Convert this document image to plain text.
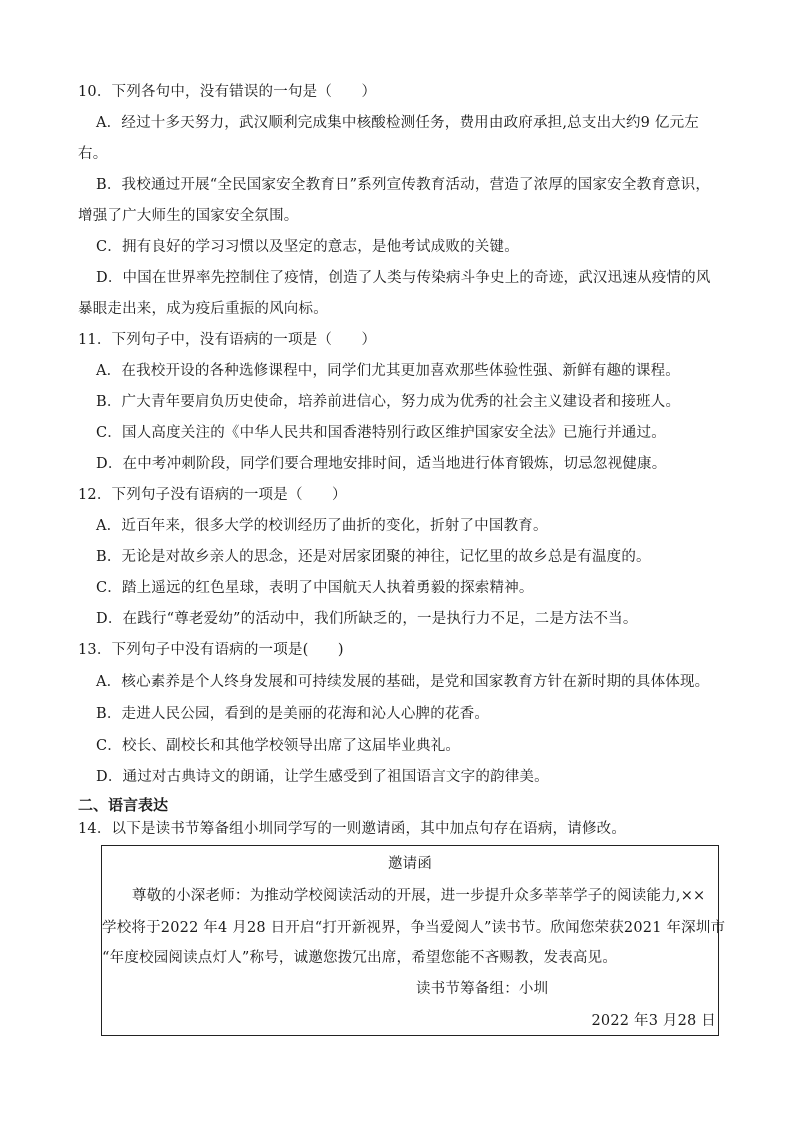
10．下列各句中，没有错误的一句是（　　）
A．经过十多天努力，武汉顺利完成集中核酸检测任务，费用由政府承担,总支出大约9 亿元左
右。
B．我校通过开展“全民国家安全教育日”系列宣传教育活动，营造了浓厚的国家安全教育意识，
增强了广大师生的国家安全氛围。
C．拥有良好的学习习惯以及坚定的意志，是他考试成败的关键。
D．中国在世界率先控制住了疫情，创造了人类与传染病斗争史上的奇迹，武汉迅速从疫情的风
暴眼走出来，成为疫后重振的风向标。
11．下列句子中，没有语病的一项是（　　）
A．在我校开设的各种选修课程中，同学们尤其更加喜欢那些体验性强、新鲜有趣的课程。
B．广大青年要肩负历史使命，培养前进信心，努力成为优秀的社会主义建设者和接班人。
C．国人高度关注的《中华人民共和国香港特别行政区维护国家安全法》已施行并通过。
D．在中考冲刺阶段，同学们要合理地安排时间，适当地进行体育锻炼，切忌忽视健康。
12．下列句子没有语病的一项是（　　）
A．近百年来，很多大学的校训经历了曲折的变化，折射了中国教育。
B．无论是对故乡亲人的思念，还是对居家团聚的神往，记忆里的故乡总是有温度的。
C．踏上遥远的红色星球，表明了中国航天人执着勇毅的探索精神。
D．在践行“尊老爱幼”的活动中，我们所缺乏的，一是执行力不足，二是方法不当。
13．下列句子中没有语病的一项是(　　)
A．核心素养是个人终身发展和可持续发展的基础，是党和国家教育方针在新时期的具体体现。
B．走进人民公园，看到的是美丽的花海和沁人心脾的花香。
C．校长、副校长和其他学校领导出席了这届毕业典礼。
D．通过对古典诗文的朗诵，让学生感受到了祖国语言文字的韵律美。
二、语言表达
14．以下是读书节筹备组小圳同学写的一则邀请函，其中加点句存在语病，请修改。
邀请函
尊敬的小深老师：为推动学校阅读活动的开展，进一步提升众多莘莘学子的阅读能力,××
学校将于2022 年4 月28 日开启“打开新视界，争当爱阅人”读书节。欣闻您荣获2021 年深圳市
“年度校园阅读点灯人”称号，诚邀您拨冗出席，希望您能不吝赐教，发表高见。
读书节筹备组：小圳
2022 年3 月28 日
